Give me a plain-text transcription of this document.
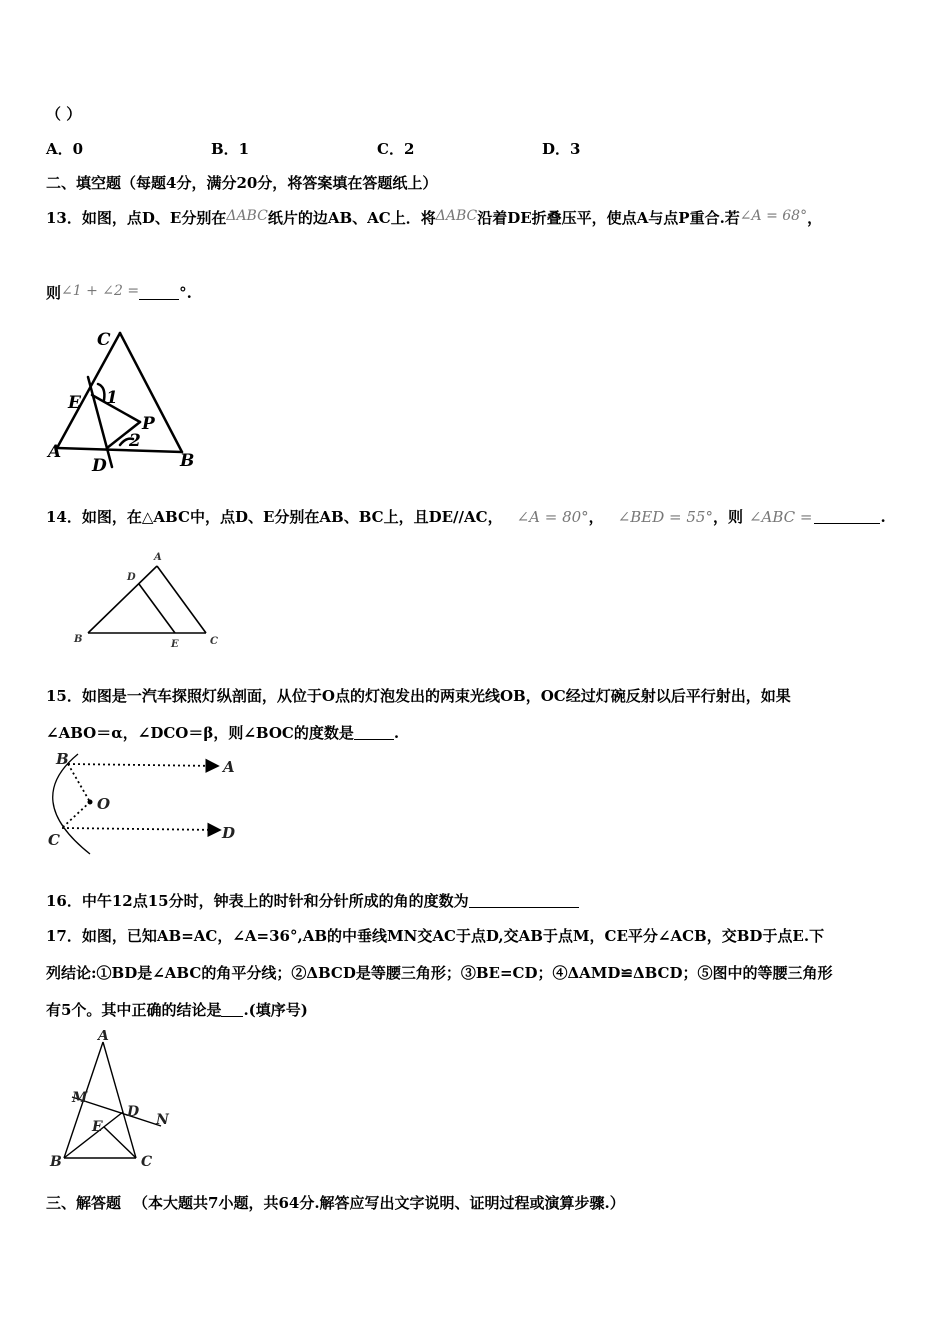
（ ）
A．0	B．1	C．2	D．3
二、填空题（每题4分，满分20分，将答案填在答题纸上）
13．如图，点D、E分别在ΔABC纸片的边AB、AC上．将ΔABC沿着DE折叠压平，使点A与点P重合.若∠A = 68°，
则∠1 + ∠2 =	°.
C
E 1
P
2
A
D	B
14．如图，在△ABC中，点D、E分别在AB、BC上，且DE//AC， ∠A = 80°， ∠BED = 55°，则 ∠ABC =	.
A
D
B	E	C
15．如图是一汽车探照灯纵剖面，从位于O点的灯泡发出的两束光线OB，OC经过灯碗反射以后平行射出，如果
∠ABO＝α，∠DCO＝β，则∠BOC的度数是	.
B	A
O
C	D
16．中午12点15分时，钟表上的时针和分针所成的角的度数为
17．如图，已知AB=AC，∠A=36°,AB的中垂线MN交AC于点D,交AB于点M，CE平分∠ACB，交BD于点E.下
列结论:①BD是∠ABC的角平分线；②ΔBCD是等腰三角形；③BE=CD；④ΔAMD≌ΔBCD；⑤图中的等腰三角形
有5个。其中正确的结论是 .(填序号)
A
M
D N
E
B	C
三、解答题 （本大题共7小题，共64分.解答应写出文字说明、证明过程或演算步骤.）
